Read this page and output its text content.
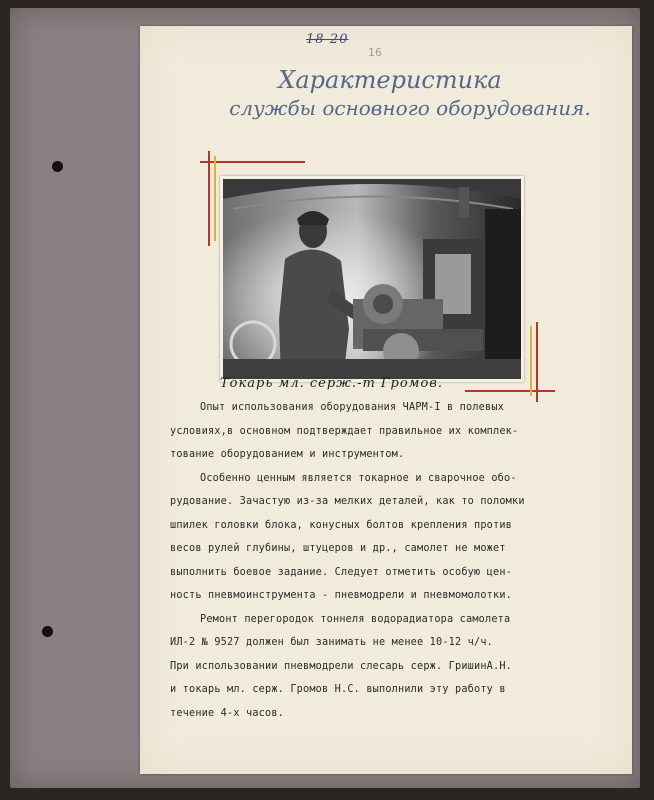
18-20
16
Характеристика
службы основного оборудования.
Токарь мл. серж.-т Громов.

Опыт использования оборудования ЧАРМ-I в полевых

условиях,в основном подтверждает правильное их комплек-

тование оборудованием и инструментом.

Особенно ценным является токарное и сварочное обо-

рудование. Зачастую из-за мелких деталей, как то поломки

шпилек головки блока, конусных болтов крепления против

весов рулей глубины, штуцеров и др., самолет не может

выполнить боевое задание. Следует отметить особую цен-

ность пневмоинструмента - пневмодрели и пневмомолотки.

Ремонт перегородок тоннеля водорадиатора самолета

ИЛ-2 № 9527 должен был занимать не менее 10-12 ч/ч.

При использовании пневмодрели слесарь серж. ГришинА.Н.

и токарь мл. серж. Громов Н.С. выполнили эту работу в

течение 4-х часов.
